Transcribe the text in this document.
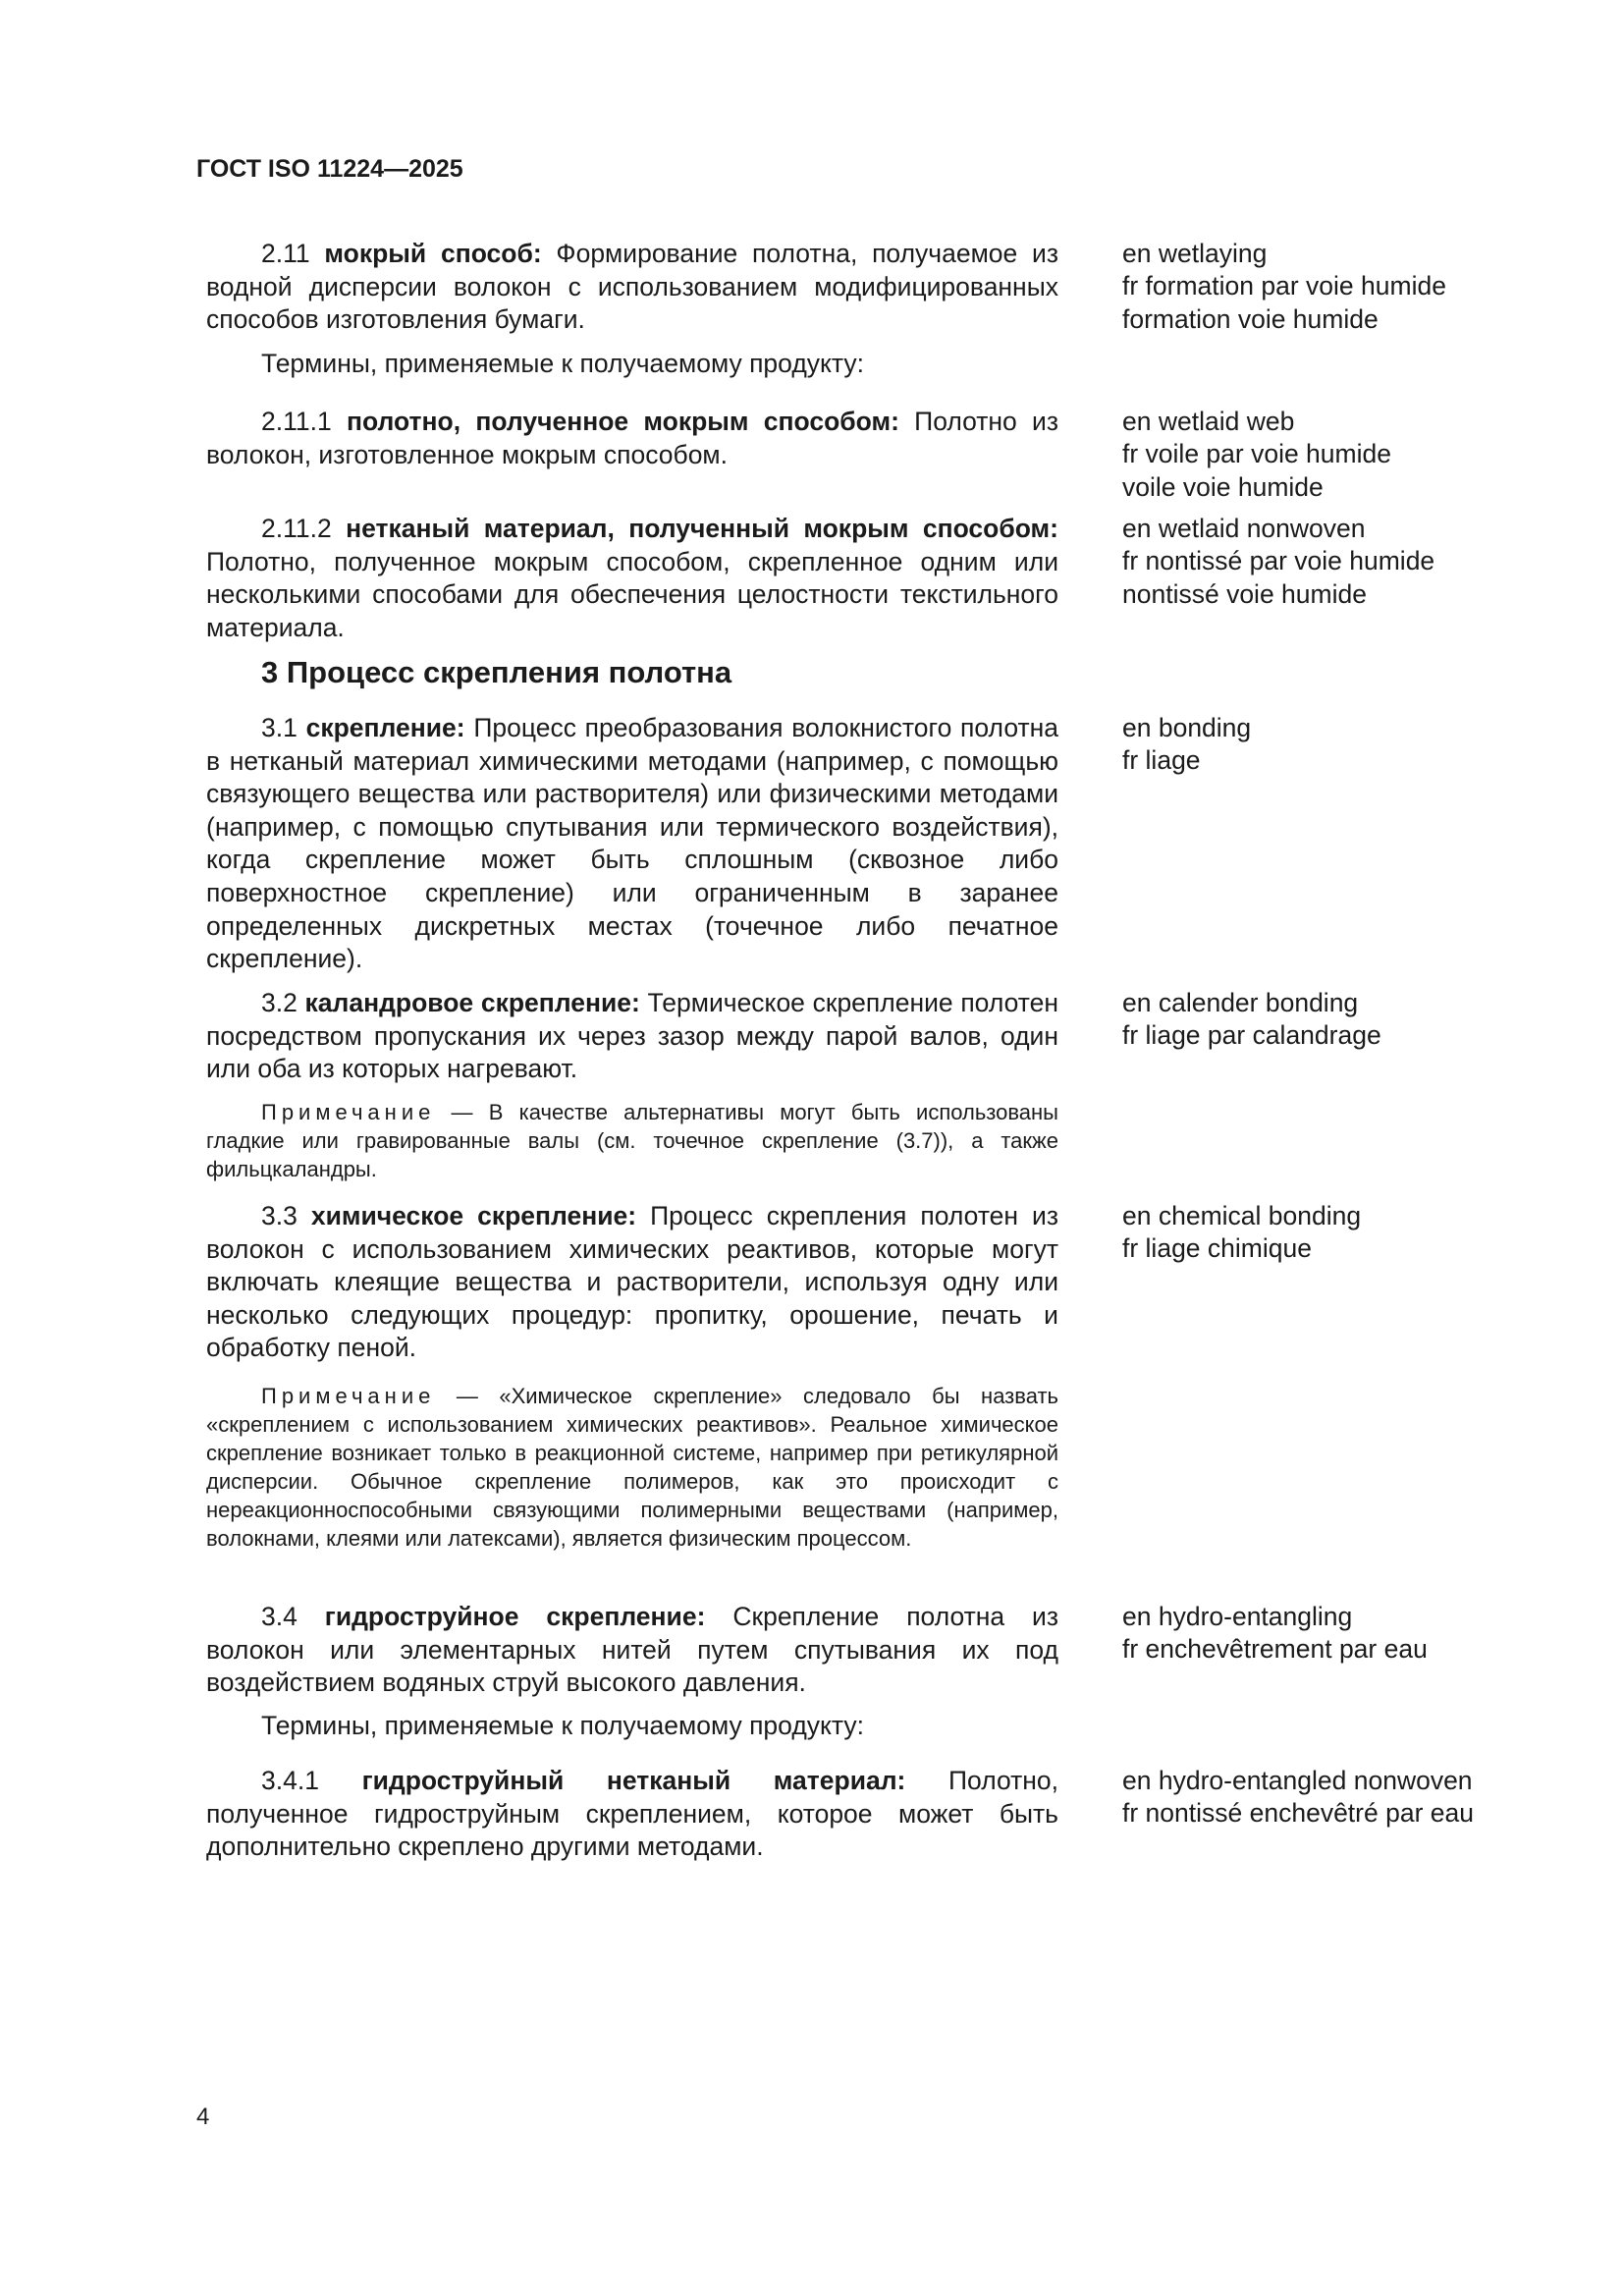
ГОСТ ISO 11224—2025
2.11 мокрый способ: Формирование полотна, получаемое из водной дисперсии волокон с использованием модифицированных способов изготовления бумаги.
en wetlaying
fr formation par voie humide
formation voie humide
Термины, применяемые к получаемому продукту:
2.11.1 полотно, полученное мокрым способом: Полотно из волокон, изготовленное мокрым способом.
en wetlaid web
fr voile par voie humide
voile voie humide
2.11.2 нетканый материал, полученный мокрым способом: Полотно, полученное мокрым способом, скрепленное одним или несколькими способами для обеспечения целостности текстильного материала.
en wetlaid nonwoven
fr nontissé par voie humide
nontissé voie humide
3 Процесс скрепления полотна
3.1 скрепление: Процесс преобразования волокнистого полотна в нетканый материал химическими методами (например, с помощью связующего вещества или растворителя) или физическими методами (например, с помощью спутывания или термического воздействия), когда скрепление может быть сплошным (сквозное либо поверхностное скрепление) или ограниченным в заранее определенных дискретных местах (точечное либо печатное скрепление).
en bonding
fr liage
3.2 каландровое скрепление: Термическое скрепление полотен посредством пропускания их через зазор между парой валов, один или оба из которых нагревают.
en calender bonding
fr liage par calandrage
Примечание — В качестве альтернативы могут быть использованы гладкие или гравированные валы (см. точечное скрепление (3.7)), а также фильцкаландры.
3.3 химическое скрепление: Процесс скрепления полотен из волокон с использованием химических реактивов, которые могут включать клеящие вещества и растворители, используя одну или несколько следующих процедур: пропитку, орошение, печать и обработку пеной.
en chemical bonding
fr liage chimique
Примечание — «Химическое скрепление» следовало бы назвать «скреплением с использованием химических реактивов». Реальное химическое скрепление возникает только в реакционной системе, например при ретикулярной дисперсии. Обычное скрепление полимеров, как это происходит с нереакционноспособными связующими полимерными веществами (например, волокнами, клеями или латексами), является физическим процессом.
3.4 гидроструйное скрепление: Скрепление полотна из волокон или элементарных нитей путем спутывания их под воздействием водяных струй высокого давления.
en hydro-entangling
fr enchevêtrement par eau
Термины, применяемые к получаемому продукту:
3.4.1 гидроструйный нетканый материал: Полотно, полученное гидроструйным скреплением, которое может быть дополнительно скреплено другими методами.
en hydro-entangled nonwoven
fr nontissé enchevêtré par eau
4
